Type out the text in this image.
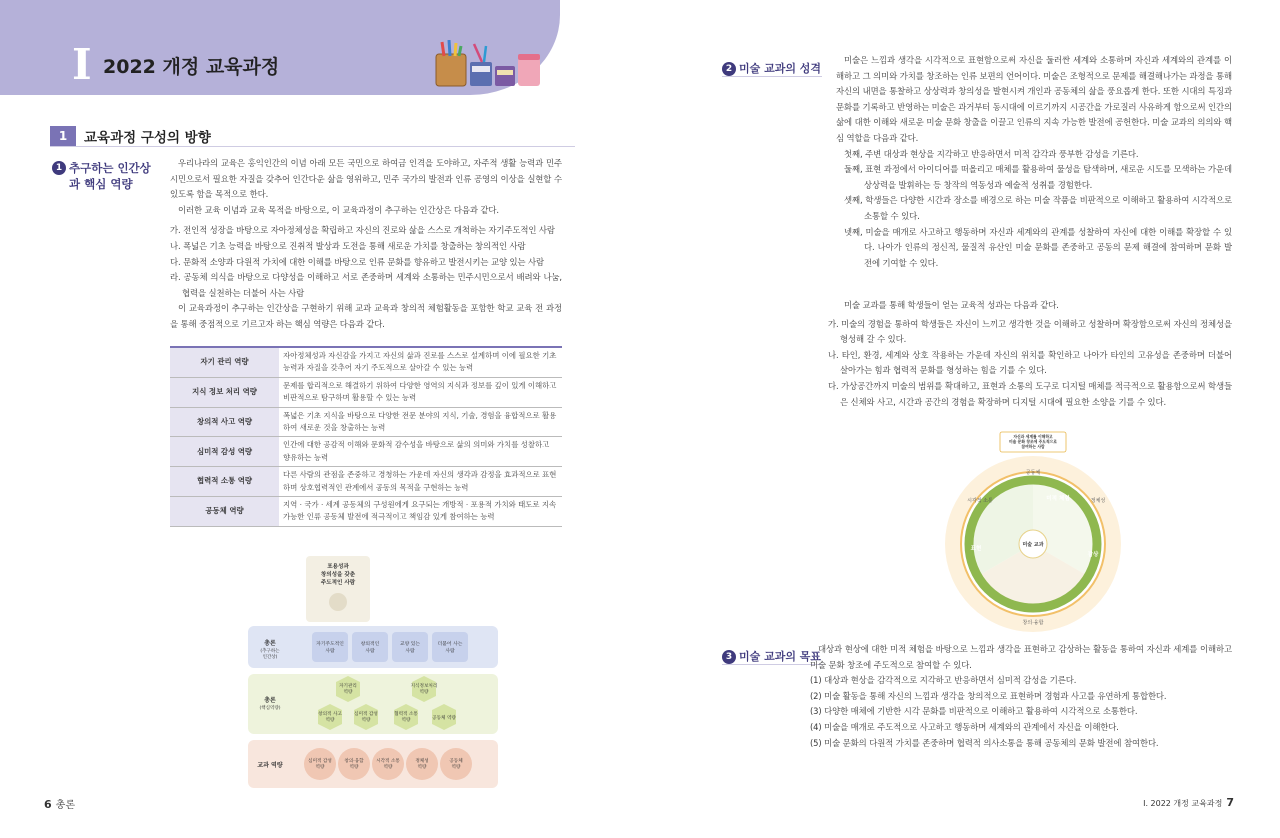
I 2022 개정 교육과정
1	교육과정 구성의 방향
1 추구하는 인간상과 핵심 역량

우리나라의 교육은 홍익인간의 이념 아래 모든 국민으로 하여금 인격을 도야하고, 자주적 생활 능력과 민주시민으로서 필요한 자질을 갖추어 인간다운 삶을 영위하고, 민주 국가의 발전과 인류 공영의 이상을 실현할 수 있도록 함을 목적으로 한다.

이러한 교육 이념과 교육 목적을 바탕으로, 이 교육과정이 추구하는 인간상은 다음과 같다.

가. 전인적 성장을 바탕으로 자아정체성을 확립하고 자신의 진로와 삶을 스스로 개척하는 자기주도적인 사람
나. 폭넓은 기초 능력을 바탕으로 진취적 발상과 도전을 통해 새로운 가치를 창출하는 창의적인 사람
다. 문화적 소양과 다원적 가치에 대한 이해를 바탕으로 인류 문화를 향유하고 발전시키는 교양 있는 사람
라. 공동체 의식을 바탕으로 다양성을 이해하고 서로 존중하며 세계와 소통하는 민주시민으로서 배려와 나눔, 협력을 실천하는 더불어 사는 사람

이 교육과정이 추구하는 인간상을 구현하기 위해 교과 교육과 창의적 체험활동을 포함한 학교 교육 전 과정을 통해 중점적으로 기르고자 하는 핵심 역량은 다음과 같다.

자기 관리 역량	자아정체성과 자신감을 가지고 자신의 삶과 진로를 스스로 설계하며 이에 필요한 기초 능력과 자질을 갖추어 자기 주도적으로 살아갈 수 있는 능력
지식 정보 처리 역량	문제를 합리적으로 해결하기 위하여 다양한 영역의 지식과 정보를 깊이 있게 이해하고 비판적으로 탐구하며 활용할 수 있는 능력
창의적 사고 역량	폭넓은 기초 지식을 바탕으로 다양한 전문 분야의 지식, 기술, 경험을 융합적으로 활용하여 새로운 것을 창출하는 능력
심미적 감성 역량	인간에 대한 공감적 이해와 문화적 감수성을 바탕으로 삶의 의미와 가치를 성찰하고 향유하는 능력
협력적 소통 역량	다른 사람의 관점을 존중하고 경청하는 가운데 자신의 생각과 감정을 효과적으로 표현하며 상호협력적인 관계에서 공동의 목적을 구현하는 능력
공동체 역량	지역 · 국가 · 세계 공동체의 구성원에게 요구되는 개방적 · 포용적 가치와 태도로 지속 가능한 인류 공동체 발전에 적극적이고 책임감 있게 참여하는 능력
포용성과 창의성을 갖춘 주도적인 사람
총론 (추구하는 인간상)
자기주도적인 사람
창의적인 사람
교양 있는 사람
더불어 사는 사람
총론 (핵심역량)
자기관리 역량
지식정보처리 역량
창의적 사고 역량
심미적 감성 역량
협력적 소통 역량	공동체 역량
교과 역량
심미적 감성 역량
창의·융합 역량
시각적 소통 역량
정체성 역량
공동체 역량
6 총론
2 미술 교과의 성격

미술은 느낌과 생각을 시각적으로 표현함으로써 자신을 둘러싼 세계와 소통하며 자신과 세계와의 관계를 이해하고 그 의미와 가치를 창조하는 인류 보편의 언어이다. 미술은 조형적으로 문제를 해결해나가는 과정을 통해 자신의 내면을 통찰하고 상상력과 창의성을 발현시켜 개인과 공동체의 삶을 풍요롭게 한다. 또한 시대의 특징과 문화를 기록하고 반영하는 미술은 과거부터 동시대에 이르기까지 시공간을 가로질러 사유하게 함으로써 인간의 삶에 대한 이해와 새로운 미술 문화 창출을 이끌고 인류의 지속 가능한 발전에 공헌한다. 미술 교과의 의의와 핵심 역할을 다음과 같다.

첫째, 주변 대상과 현상을 지각하고 반응하면서 미적 감각과 풍부한 감성을 기른다.
둘째, 표현 과정에서 아이디어를 떠올리고 매체를 활용하여 물성을 탐색하며, 새로운 시도를 모색하는 가운데 상상력을 발휘하는 등 창작의 역동성과 예술적 성취를 경험한다.
셋째, 학생들은 다양한 시간과 장소를 배경으로 하는 미술 작품을 비판적으로 이해하고 활용하여 시각적으로 소통할 수 있다.
넷째, 미술을 매개로 사고하고 행동하며 자신과 세계와의 관계를 성찰하여 자신에 대한 이해를 확장할 수 있다. 나아가 인류의 정신적, 물질적 유산인 미술 문화를 존중하고 공동의 문제 해결에 참여하며 문화 발전에 기여할 수 있다.

미술 교과를 통해 학생들이 얻는 교육적 성과는 다음과 같다.

가. 미술의 경험을 통하여 학생들은 자신이 느끼고 생각한 것을 이해하고 성찰하며 확장함으로써 자신의 정체성을 형성해 갈 수 있다.
나. 타인, 환경, 세계와 상호 작용하는 가운데 자신의 위치를 확인하고 나아가 타인의 고유성을 존중하며 더불어 살아가는 힘과 협력적 문화를 형성하는 힘을 기를 수 있다.
다. 가상공간까지 미술의 범위를 확대하고, 표현과 소통의 도구로 디지털 매체를 적극적으로 활용함으로써 학생들은 신체와 사고, 시간과 공간의 경험을 확장하며 디지털 시대에 필요한 소양을 기를 수 있다.
자신과 세계를 이해하고 미술 문화 창조에 주도적으로 참여하는 사람
미술 교과
미적 체험
감상
표현
시각적 소통
창의·융합
정체성
공동체
3 미술 교과의 목표

대상과 현상에 대한 미적 체험을 바탕으로 느낌과 생각을 표현하고 감상하는 활동을 통하여 자신과 세계를 이해하고 미술 문화 창조에 주도적으로 참여할 수 있다.

(1) 대상과 현상을 감각적으로 지각하고 반응하면서 심미적 감성을 기른다.
(2) 미술 활동을 통해 자신의 느낌과 생각을 창의적으로 표현하며 경험과 사고를 유연하게 통합한다.
(3) 다양한 매체에 기반한 시각 문화를 비판적으로 이해하고 활용하여 시각적으로 소통한다.
(4) 미술을 매개로 주도적으로 사고하고 행동하며 세계와의 관계에서 자신을 이해한다.
(5) 미술 문화의 다원적 가치를 존중하며 협력적 의사소통을 통해 공동체의 문화 발전에 참여한다.
Ⅰ. 2022 개정 교육과정 7
